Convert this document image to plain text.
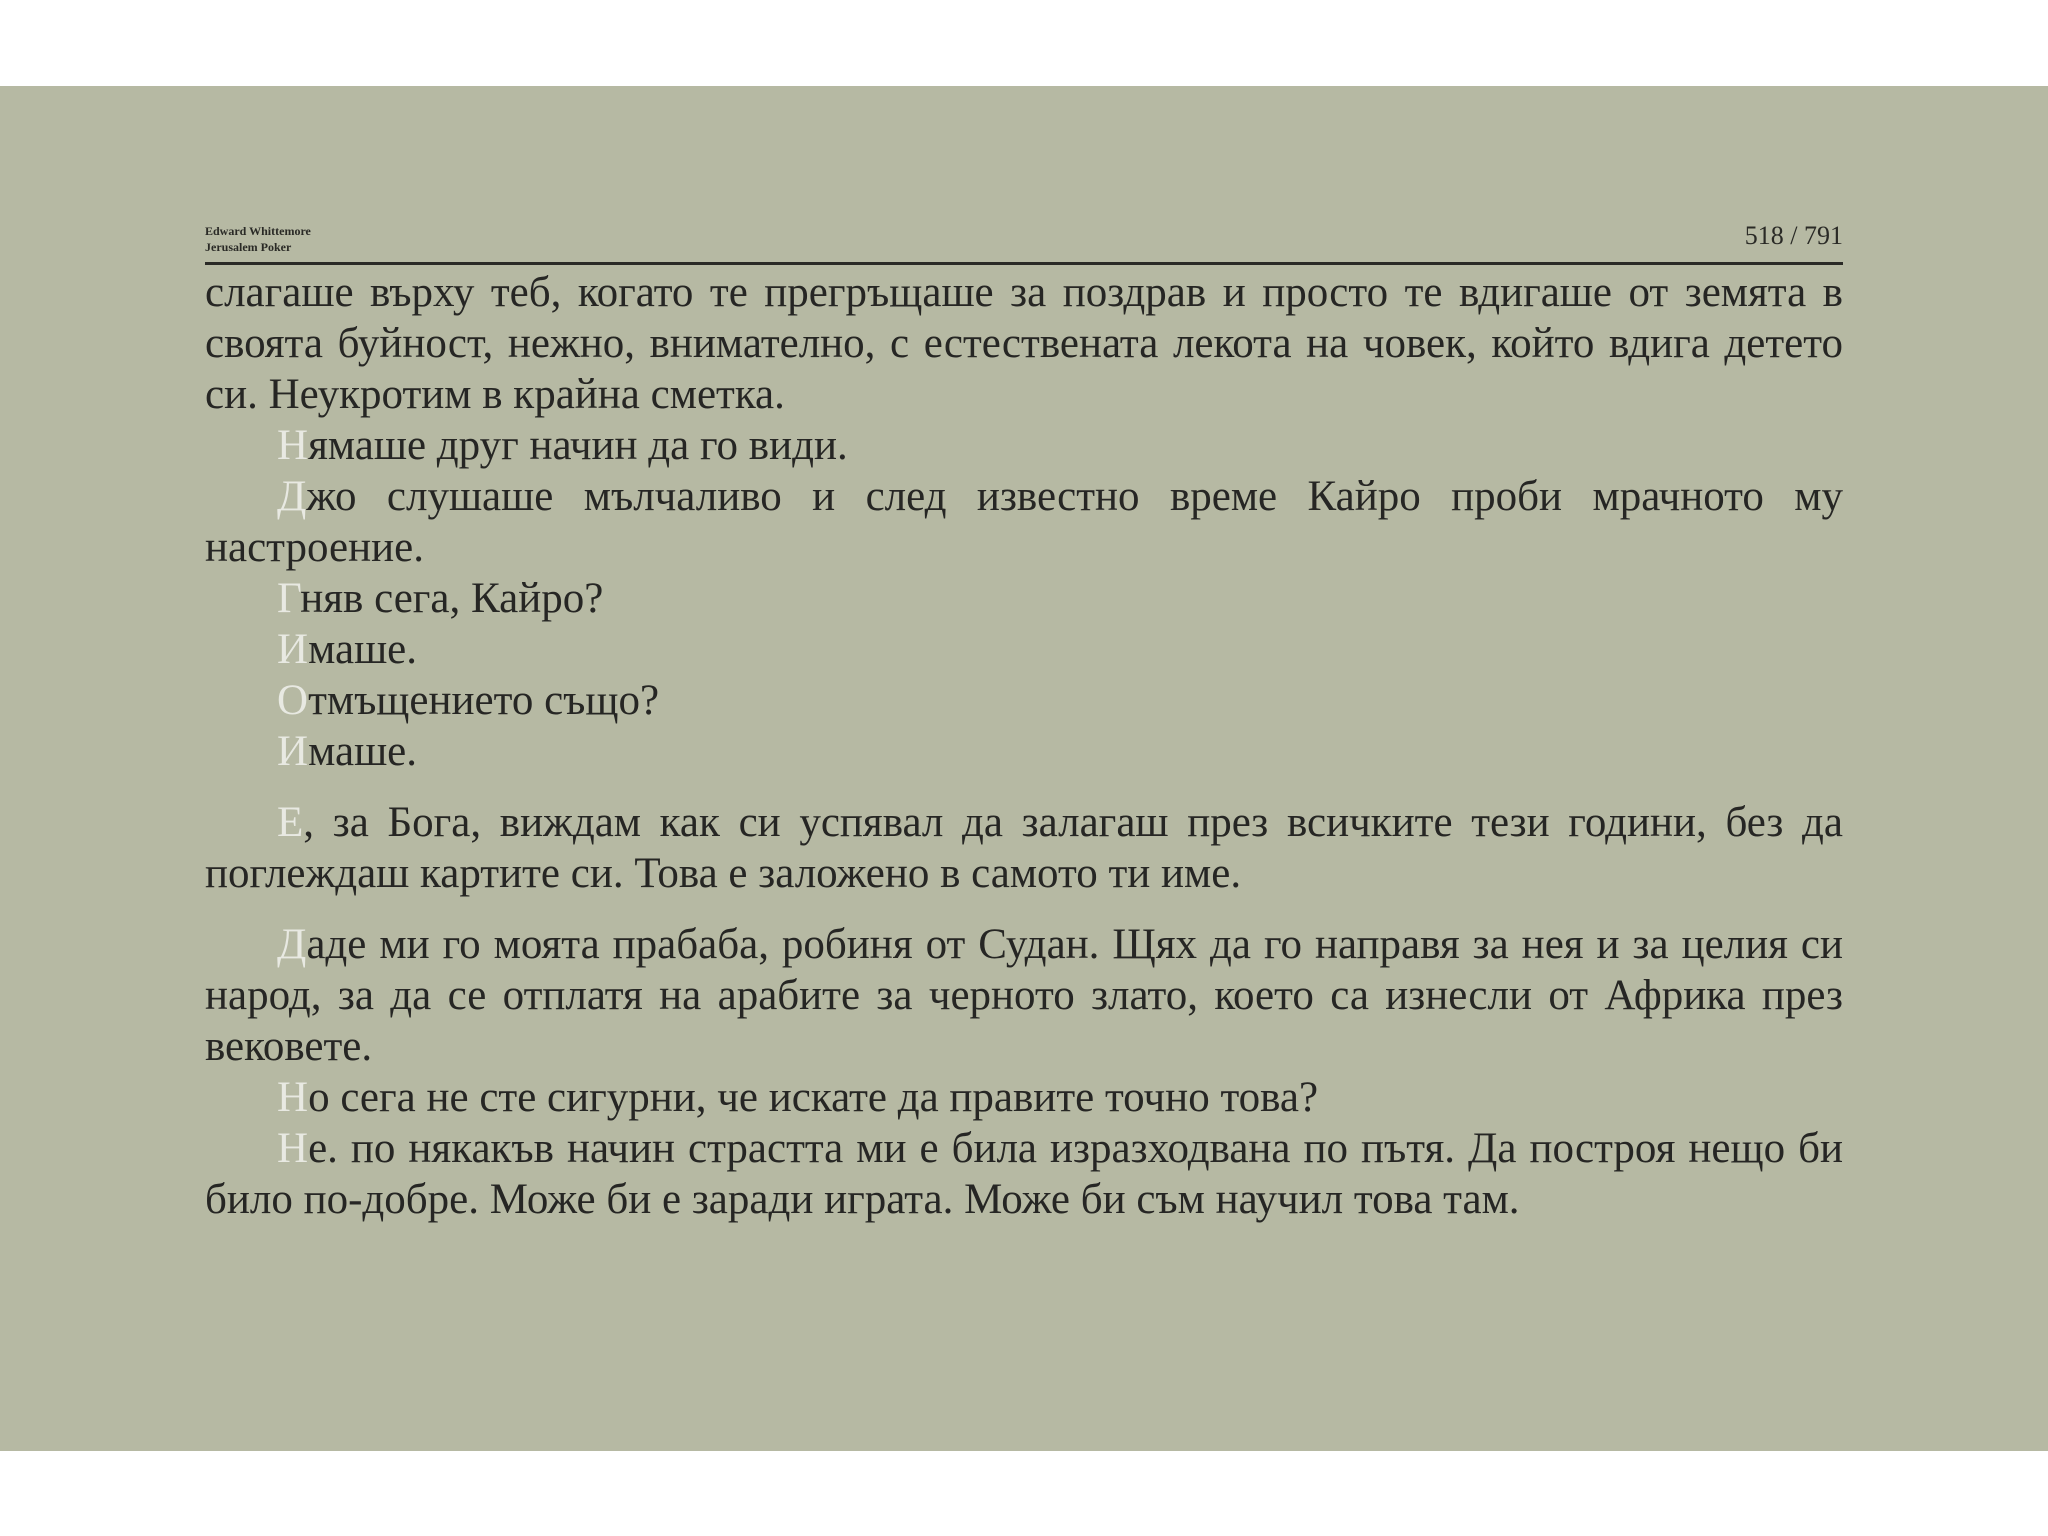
Edward Whittemore
Jerusalem Poker	518 / 791

слагаше върху теб, когато те прегръщаше за поздрав и просто те вдигаше от земята в своята буйност, нежно, внимателно, с естествената лекота на човек, който вдига детето си. Неукротим в крайна сметка.

Нямаше друг начин да го види.

Джо слушаше мълчаливо и след известно време Кайро проби мрачното му настроение.

Гняв сега, Кайро?

Имаше.

Отмъщението също?

Имаше.

Е, за Бога, виждам как си успявал да залагаш през всичките тези години, без да поглеждаш картите си. Това е заложено в самото ти име.

Даде ми го моята прабаба, робиня от Судан. Щях да го направя за нея и за целия си народ, за да се отплатя на арабите за черното злато, което са изнесли от Африка през вековете.

Но сега не сте сигурни, че искате да правите точно това?

Не. по някакъв начин страстта ми е била изразходвана по пътя. Да построя нещо би било по-добре. Може би е заради играта. Може би съм научил това там.
